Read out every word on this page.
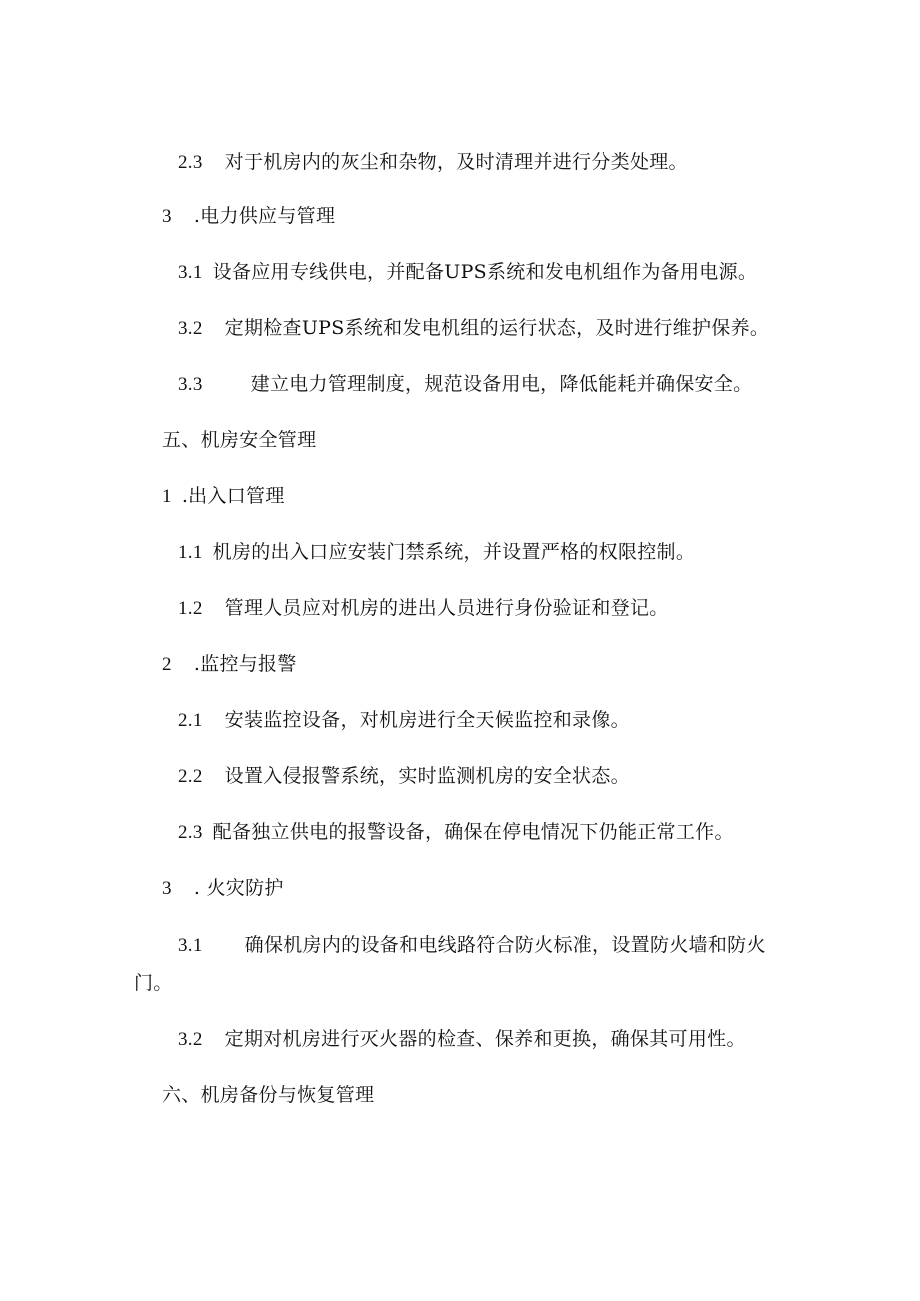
2.3 对于机房内的灰尘和杂物，及时清理并进行分类处理。
3 .电力供应与管理
3.1 设备应用专线供电，并配备UPS系统和发电机组作为备用电源。
3.2 定期检查UPS系统和发电机组的运行状态，及时进行维护保养。
3.3	建立电力管理制度，规范设备用电，降低能耗并确保安全。
五、机房安全管理
1 .出入口管理
1.1 机房的出入口应安装门禁系统，并设置严格的权限控制。
1.2 管理人员应对机房的进出人员进行身份验证和登记。
2 .监控与报警
2.1 安装监控设备，对机房进行全天候监控和录像。
2.2 设置入侵报警系统，实时监测机房的安全状态。
2.3 配备独立供电的报警设备，确保在停电情况下仍能正常工作。
3 . 火灾防护
3.1 确保机房内的设备和电线路符合防火标准，设置防火墙和防火
门。
3.2 定期对机房进行灭火器的检查、保养和更换，确保其可用性。
六、机房备份与恢复管理
